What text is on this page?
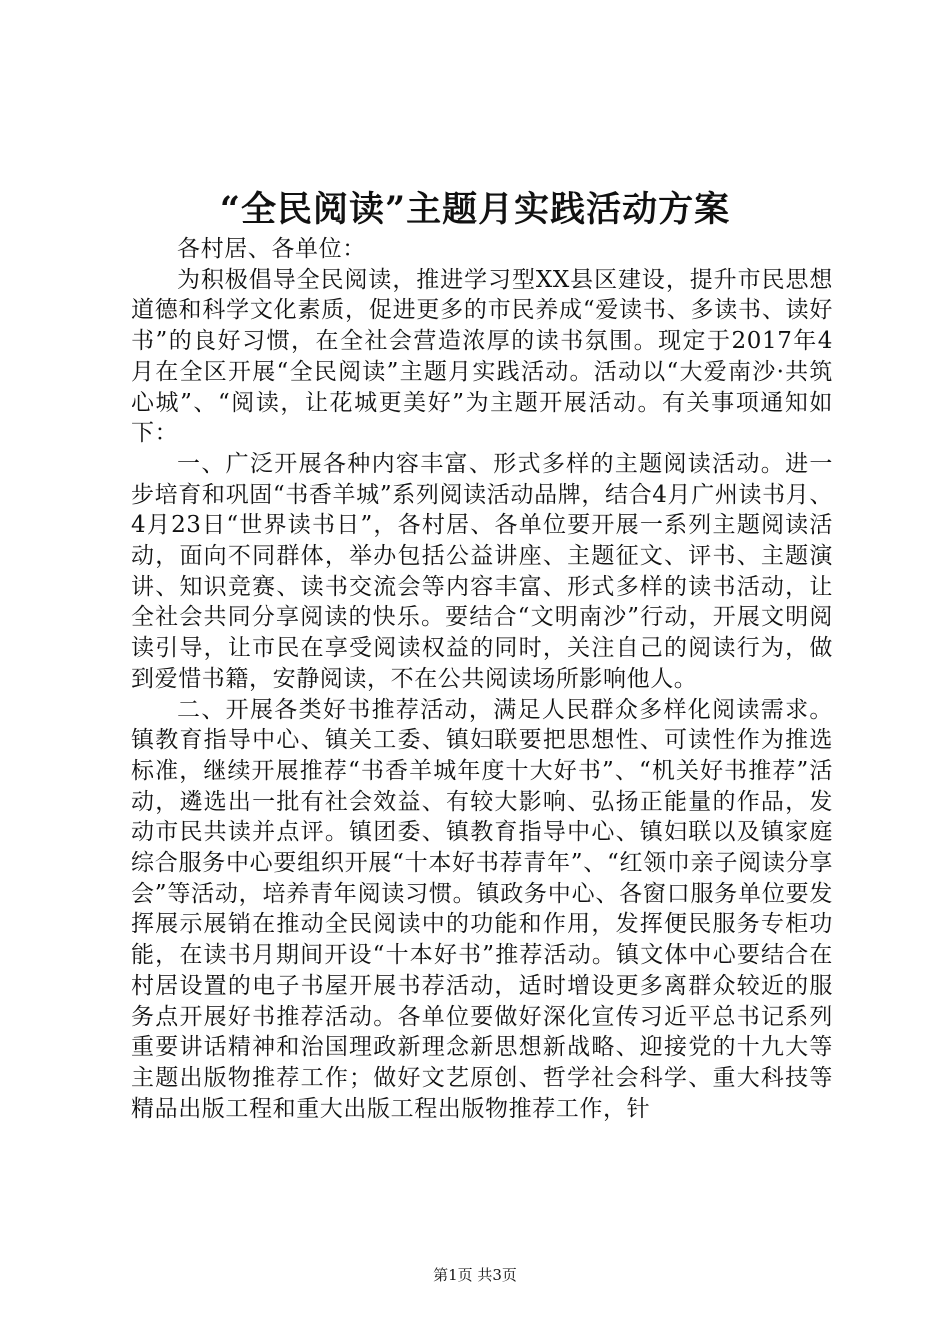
“全民阅读”主题月实践活动方案

各村居、各单位：

为积极倡导全民阅读，推进学习型XX县区建设，提升市民思想道德和科学文化素质，促进更多的市民养成“爱读书、多读书、读好书”的良好习惯，在全社会营造浓厚的读书氛围。现定于2017年4月在全区开展“全民阅读”主题月实践活动。活动以“大爱南沙·共筑心城”、“阅读，让花城更美好”为主题开展活动。有关事项通知如下：

一、广泛开展各种内容丰富、形式多样的主题阅读活动。进一步培育和巩固“书香羊城”系列阅读活动品牌，结合4月广州读书月、4月23日“世界读书日”，各村居、各单位要开展一系列主题阅读活动，面向不同群体，举办包括公益讲座、主题征文、评书、主题演讲、知识竞赛、读书交流会等内容丰富、形式多样的读书活动，让全社会共同分享阅读的快乐。要结合“文明南沙”行动，开展文明阅读引导，让市民在享受阅读权益的同时，关注自己的阅读行为，做到爱惜书籍，安静阅读，不在公共阅读场所影响他人。

二、开展各类好书推荐活动，满足人民群众多样化阅读需求。镇教育指导中心、镇关工委、镇妇联要把思想性、可读性作为推选标准，继续开展推荐“书香羊城年度十大好书”、“机关好书推荐”活动，遴选出一批有社会效益、有较大影响、弘扬正能量的作品，发动市民共读并点评。镇团委、镇教育指导中心、镇妇联以及镇家庭综合服务中心要组织开展“十本好书荐青年”、“红领巾亲子阅读分享会”等活动，培养青年阅读习惯。镇政务中心、各窗口服务单位要发挥展示展销在推动全民阅读中的功能和作用，发挥便民服务专柜功能，在读书月期间开设“十本好书”推荐活动。镇文体中心要结合在村居设置的电子书屋开展书荐活动，适时增设更多离群众较近的服务点开展好书推荐活动。各单位要做好深化宣传习近平总书记系列重要讲话精神和治国理政新理念新思想新战略、迎接党的十九大等主题出版物推荐工作；做好文艺原创、哲学社会科学、重大科技等精品出版工程和重大出版工程出版物推荐工作，针

第1页 共3页
